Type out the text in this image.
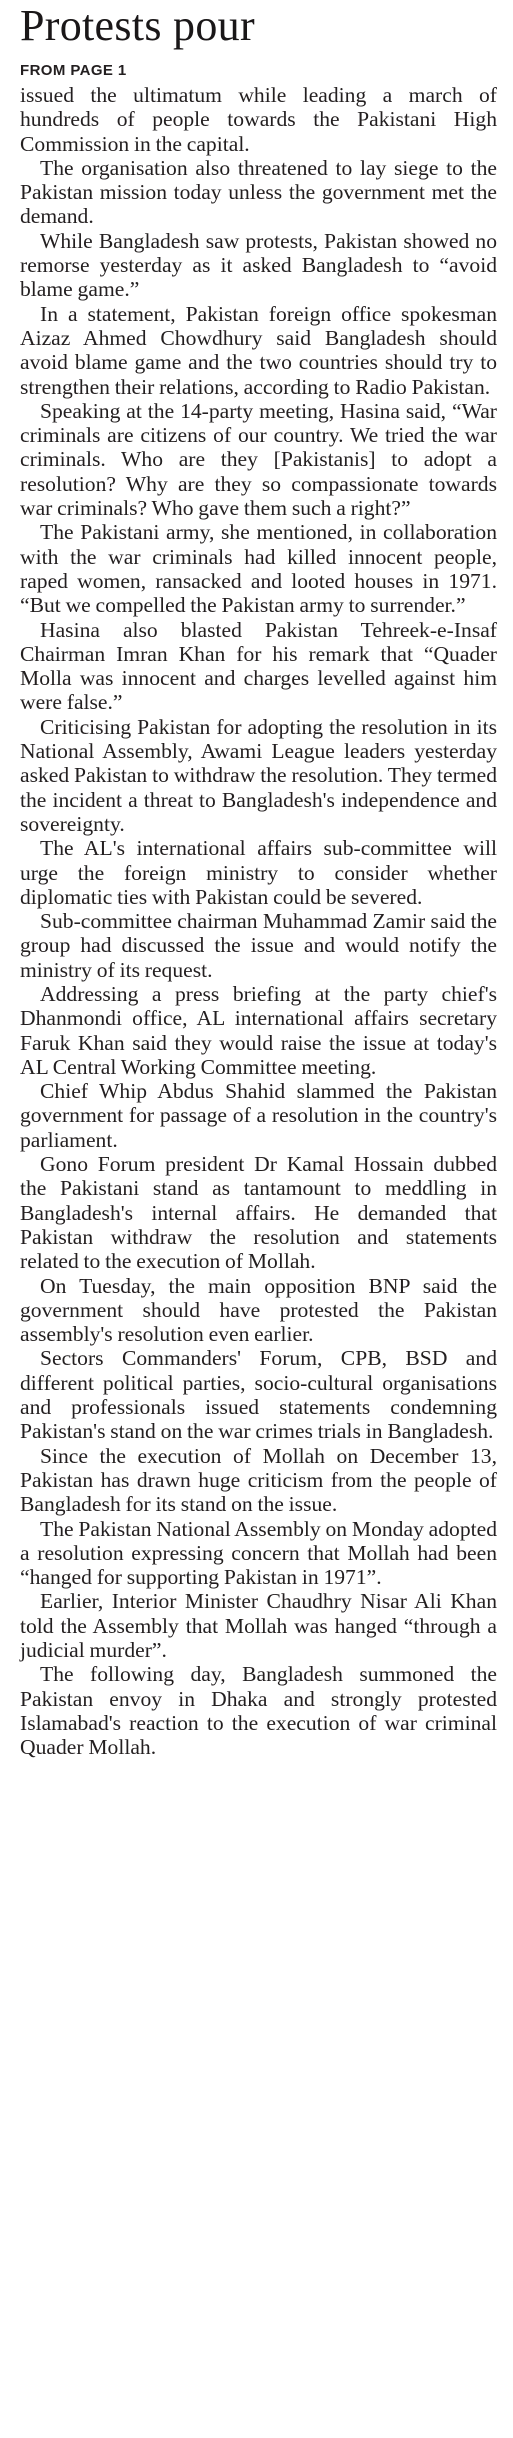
Protests pour
FROM PAGE 1

issued the ultimatum while leading a march of hundreds of people towards the Pakistani High Commission in the capital.

The organisation also threatened to lay siege to the Pakistan mission today unless the government met the demand.

While Bangladesh saw protests, Pakistan showed no remorse yesterday as it asked Bangladesh to “avoid blame game.”

In a statement, Pakistan foreign office spokesman Aizaz Ahmed Chowdhury said Bangladesh should avoid blame game and the two countries should try to strengthen their relations, according to Radio Pakistan.

Speaking at the 14-party meeting, Hasina said, “War criminals are citizens of our country. We tried the war criminals. Who are they [Pakistanis] to adopt a resolution? Why are they so compassionate towards war criminals? Who gave them such a right?”

The Pakistani army, she mentioned, in collaboration with the war criminals had killed innocent people, raped women, ransacked and looted houses in 1971. “But we compelled the Pakistan army to surrender.”

Hasina also blasted Pakistan Tehreek-e-Insaf Chairman Imran Khan for his remark that “Quader Molla was innocent and charges levelled against him were false.”

Criticising Pakistan for adopting the resolution in its National Assembly, Awami League leaders yesterday asked Pakistan to withdraw the resolution. They termed the incident a threat to Bangladesh's independence and sovereignty.

The AL's international affairs sub-committee will urge the foreign ministry to consider whether diplomatic ties with Pakistan could be severed.

Sub-committee chairman Muhammad Zamir said the group had discussed the issue and would notify the ministry of its request.

Addressing a press briefing at the party chief's Dhanmondi office, AL international affairs secretary Faruk Khan said they would raise the issue at today's AL Central Working Committee meeting.

Chief Whip Abdus Shahid slammed the Pakistan government for passage of a resolution in the country's parliament.

Gono Forum president Dr Kamal Hossain dubbed the Pakistani stand as tantamount to meddling in Bangladesh's internal affairs. He demanded that Pakistan withdraw the resolution and statements related to the execution of Mollah.

On Tuesday, the main opposition BNP said the government should have protested the Pakistan assembly's resolution even earlier.

Sectors Commanders' Forum, CPB, BSD and different political parties, socio-cultural organisations and professionals issued statements condemning Pakistan's stand on the war crimes trials in Bangladesh.

Since the execution of Mollah on December 13, Pakistan has drawn huge criticism from the people of Bangladesh for its stand on the issue.

The Pakistan National Assembly on Monday adopted a resolution expressing concern that Mollah had been “hanged for supporting Pakistan in 1971”.

Earlier, Interior Minister Chaudhry Nisar Ali Khan told the Assembly that Mollah was hanged “through a judicial murder”.

The following day, Bangladesh summoned the Pakistan envoy in Dhaka and strongly protested Islamabad's reaction to the execution of war criminal Quader Mollah.
